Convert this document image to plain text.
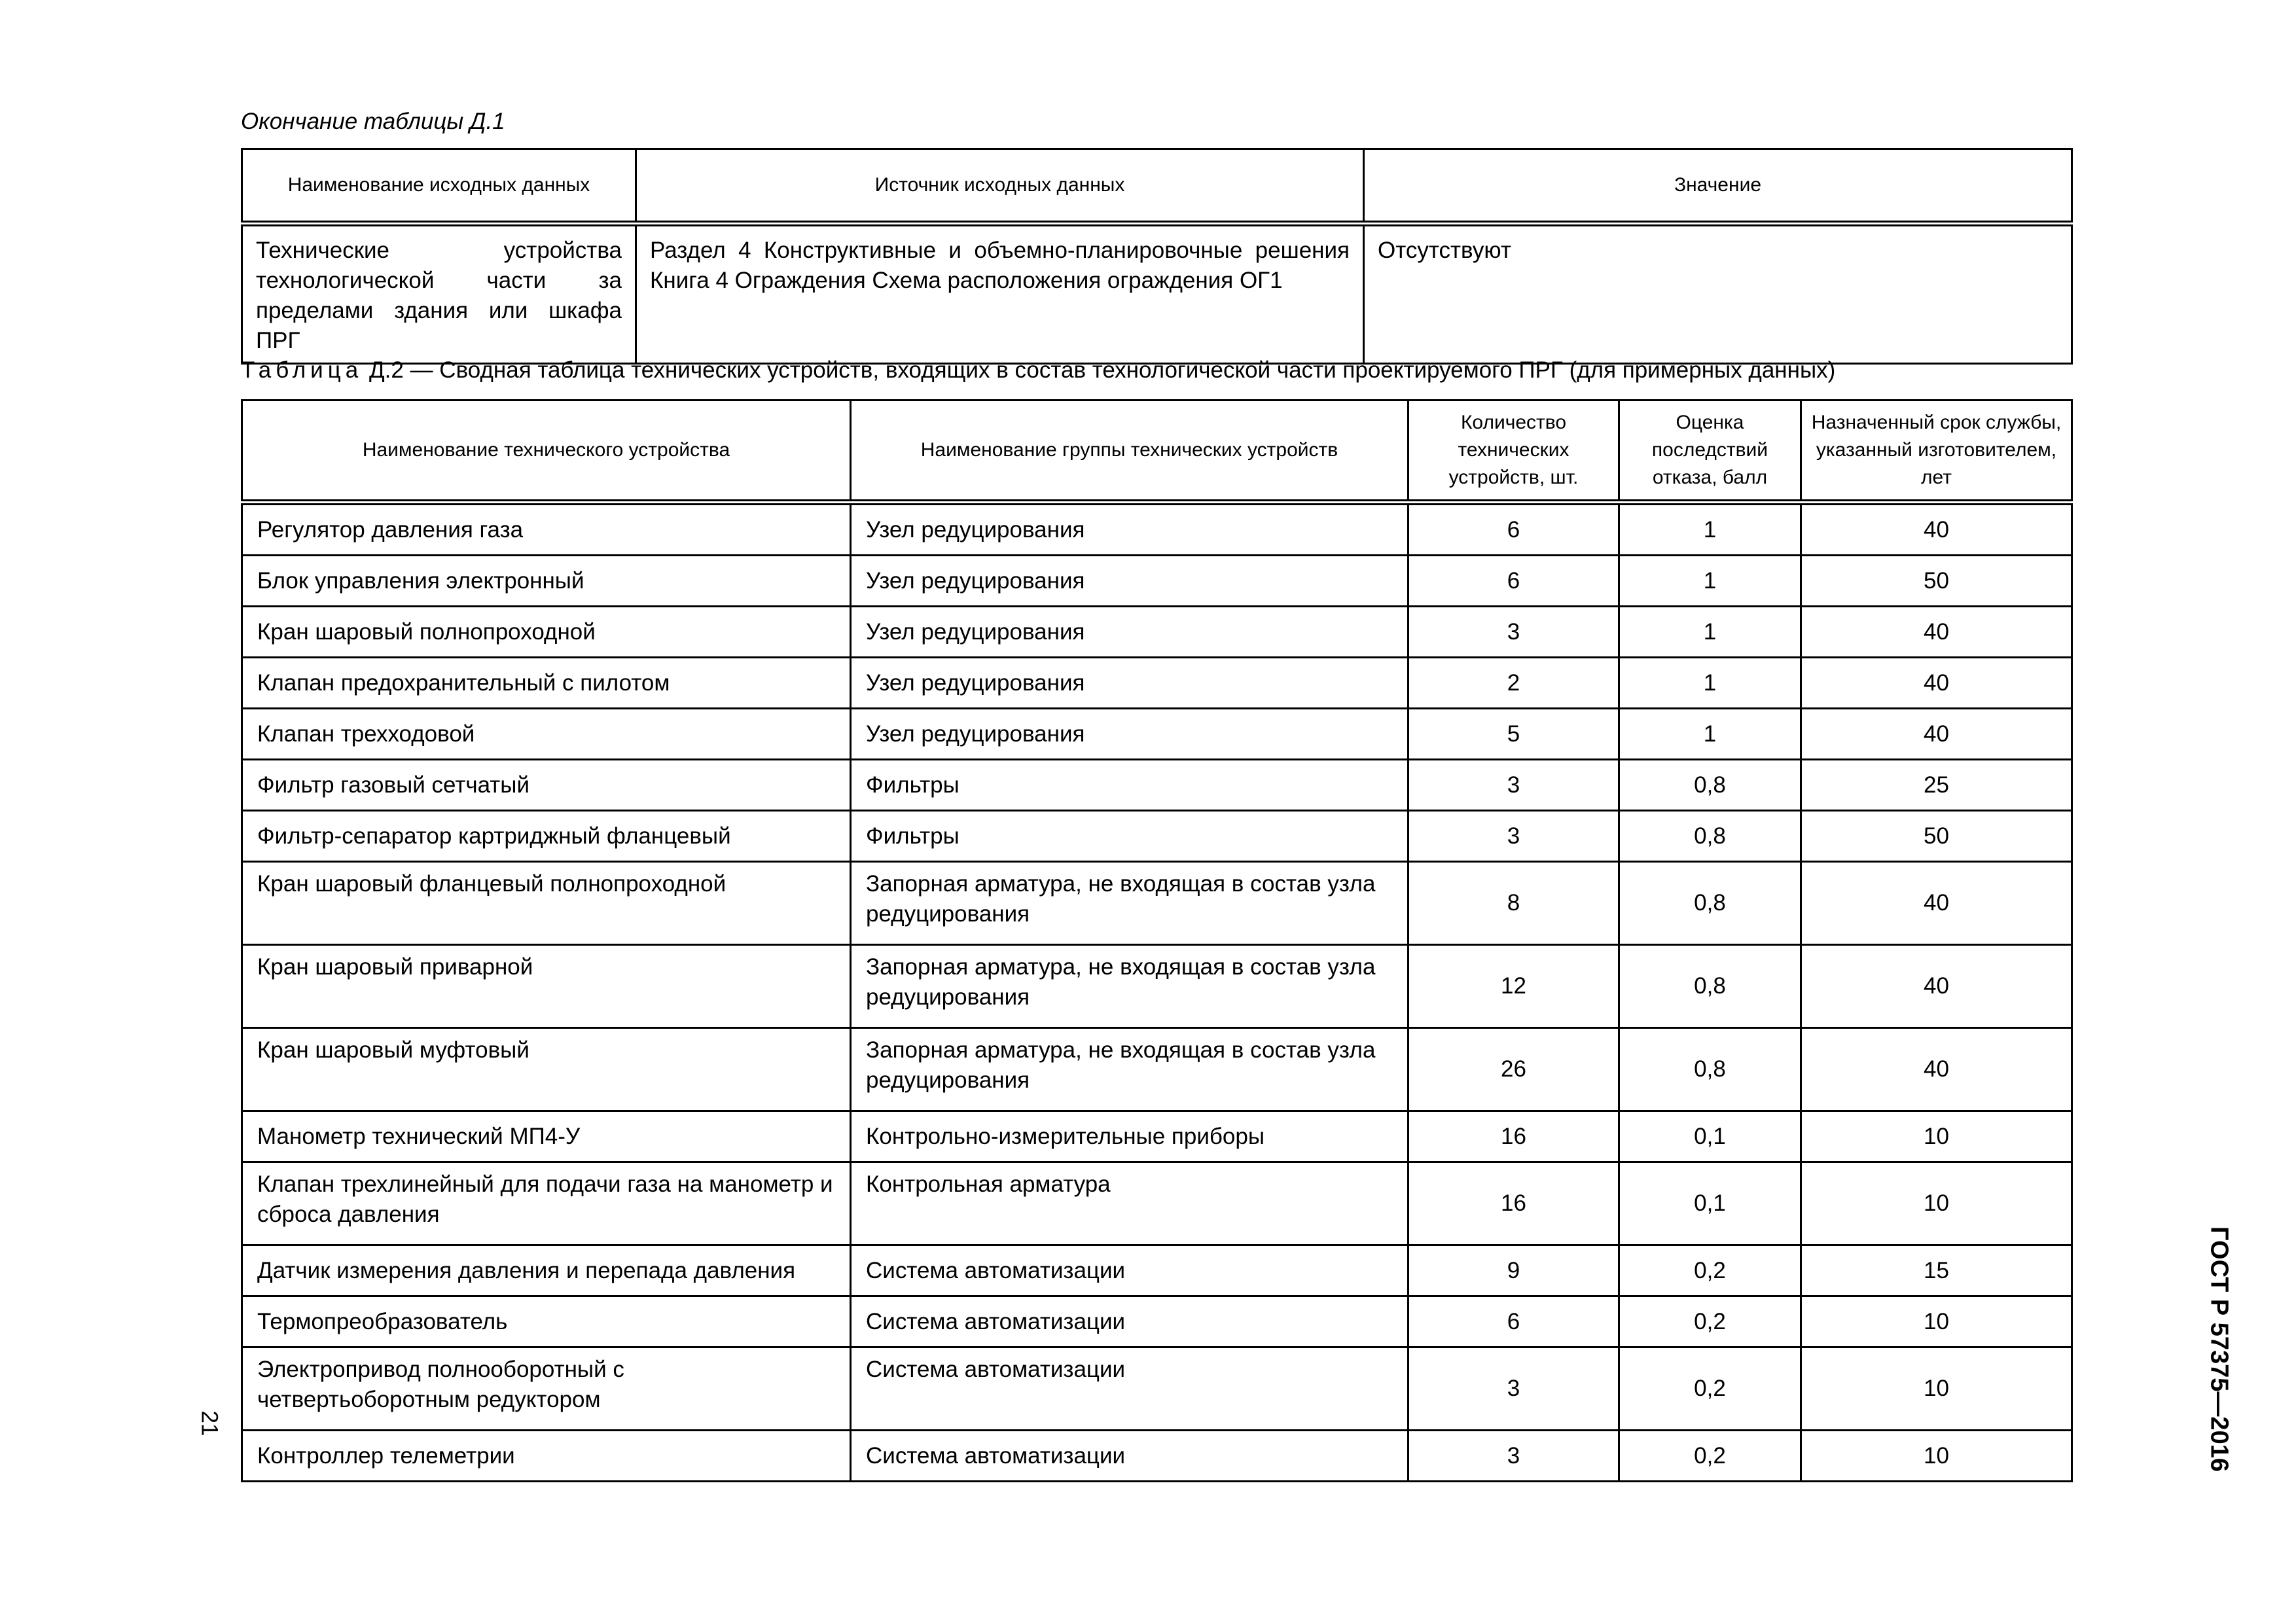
Окончание таблицы Д.1
Наименование исходных данных	Источник исходных данных	Значение
Технические устройства технологической части за пределами здания или шкафа ПРГ	Раздел 4 Конструктивные и объемно-планировочные решения Книга 4 Ограждения Схема расположения ограждения ОГ1	Отсутствуют
Таблица Д.2 — Сводная таблица технических устройств, входящих в состав технологической части проектируемого ПРГ (для примерных данных)
Наименование технического устройства	Наименование группы технических устройств	Количество технических устройств, шт.	Оценка последствий отказа, балл	Назначенный срок службы, указанный изготовителем, лет
Регулятор давления газа	Узел редуцирования	6	1	40
Блок управления электронный	Узел редуцирования	6	1	50
Кран шаровый полнопроходной	Узел редуцирования	3	1	40
Клапан предохранительный с пилотом	Узел редуцирования	2	1	40
Клапан трехходовой	Узел редуцирования	5	1	40
Фильтр газовый сетчатый	Фильтры	3	0,8	25
Фильтр-сепаратор картриджный фланцевый	Фильтры	3	0,8	50
Кран шаровый фланцевый полнопроходной	Запорная арматура, не входящая в состав узла редуцирования	8	0,8	40
Кран шаровый приварной	Запорная арматура, не входящая в состав узла редуцирования	12	0,8	40
Кран шаровый муфтовый	Запорная арматура, не входящая в состав узла редуцирования	26	0,8	40
Манометр технический МП4-У	Контрольно-измерительные приборы	16	0,1	10
Клапан трехлинейный для подачи газа на манометр и сброса давления	Контрольная арматура	16	0,1	10
Датчик измерения давления и перепада давления	Система автоматизации	9	0,2	15
Термопреобразователь	Система автоматизации	6	0,2	10
Электропривод полнооборотный с четвертьоборотным редуктором	Система автоматизации	3	0,2	10
Контроллер телеметрии	Система автоматизации	3	0,2	10
21	ГОСТ Р 57375—2016
